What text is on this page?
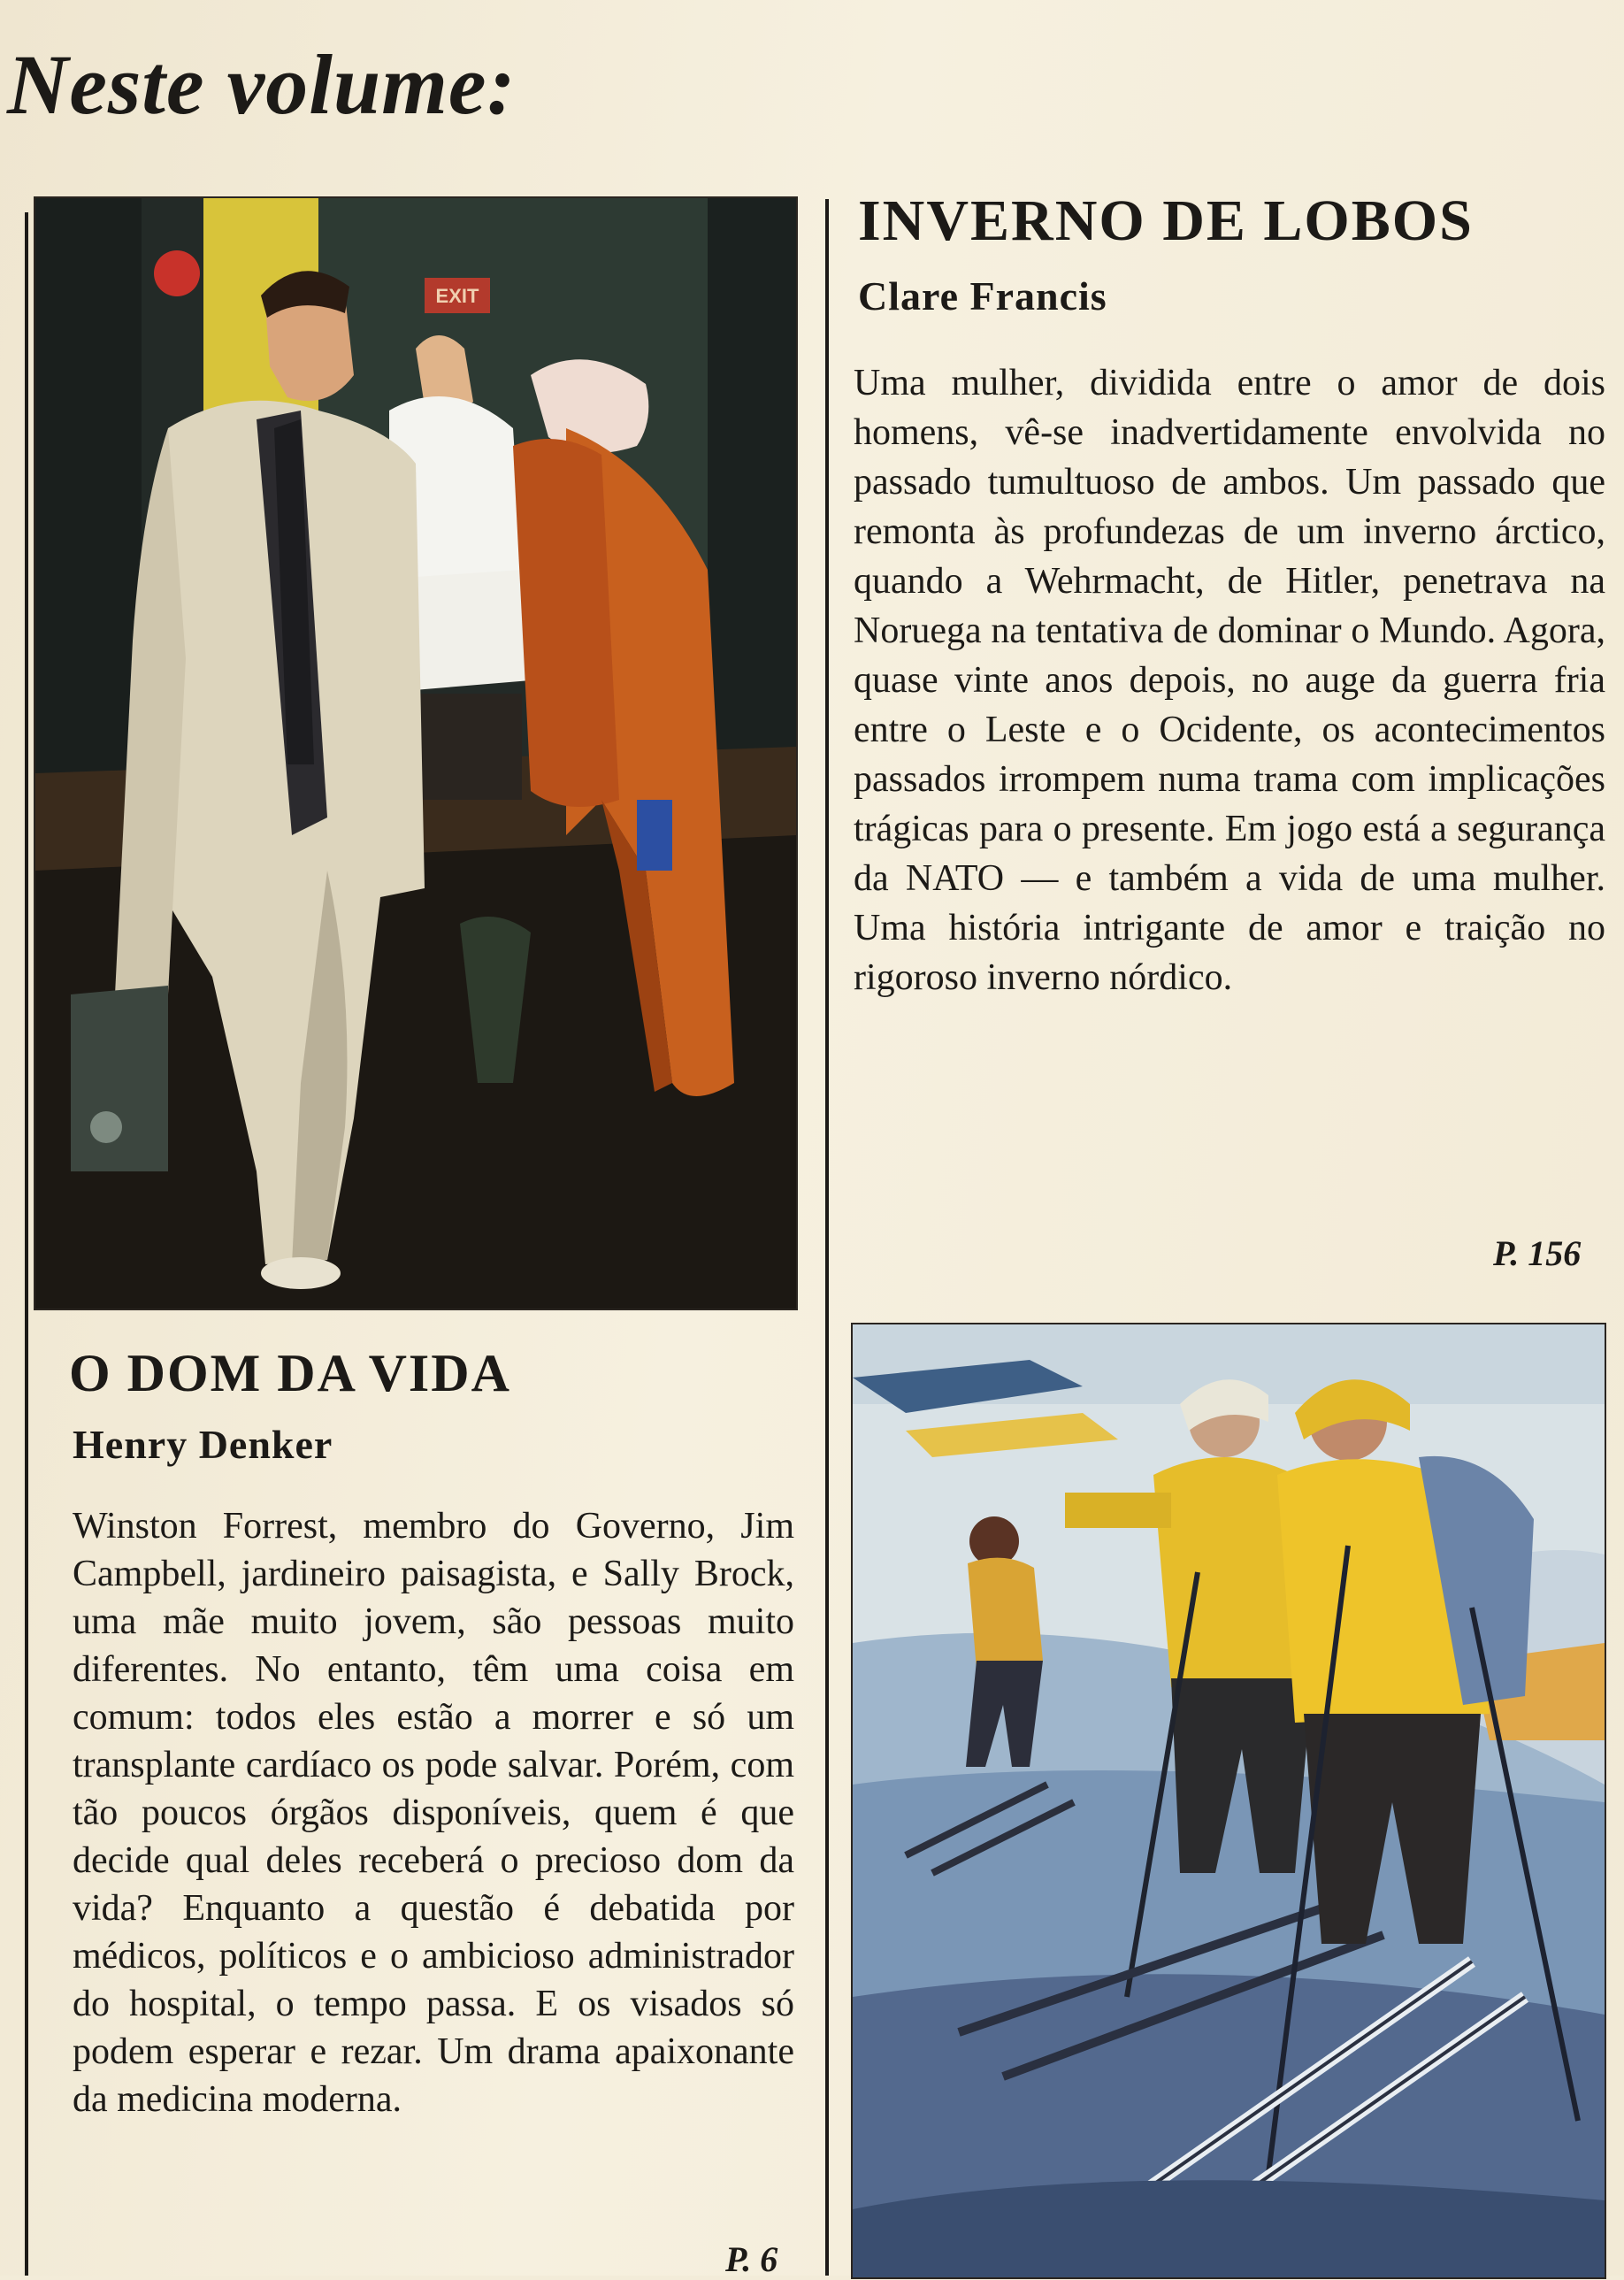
Neste volume:
EXIT
INVERNO DE LOBOS
Clare Francis
Uma mulher, dividida entre o amor de dois homens, vê-se inadvertidamente envolvida no passado tumultuoso de ambos. Um passado que remonta às profundezas de um inverno árctico, quando a Wehrmacht, de Hitler, penetrava na Noruega na tentativa de dominar o Mundo. Agora, quase vinte anos depois, no auge da guerra fria entre o Leste e o Ocidente, os acontecimentos passados irrompem numa trama com implicações trágicas para o presente. Em jogo está a segurança da NATO — e também a vida de uma mulher. Uma história intrigante de amor e traição no rigoroso inverno nórdico.
P. 156
O DOM DA VIDA
Henry Denker
Winston Forrest, membro do Governo, Jim Campbell, jardineiro paisagista, e Sally Brock, uma mãe muito jovem, são pessoas muito diferentes. No entanto, têm uma coisa em comum: todos eles estão a morrer e só um transplante cardíaco os pode salvar. Porém, com tão poucos órgãos disponíveis, quem é que decide qual deles receberá o precioso dom da vida? Enquanto a questão é debatida por médicos, políticos e o ambicioso administrador do hospital, o tempo passa. E os visados só podem esperar e rezar. Um drama apaixonante da medicina moderna.
P. 6
